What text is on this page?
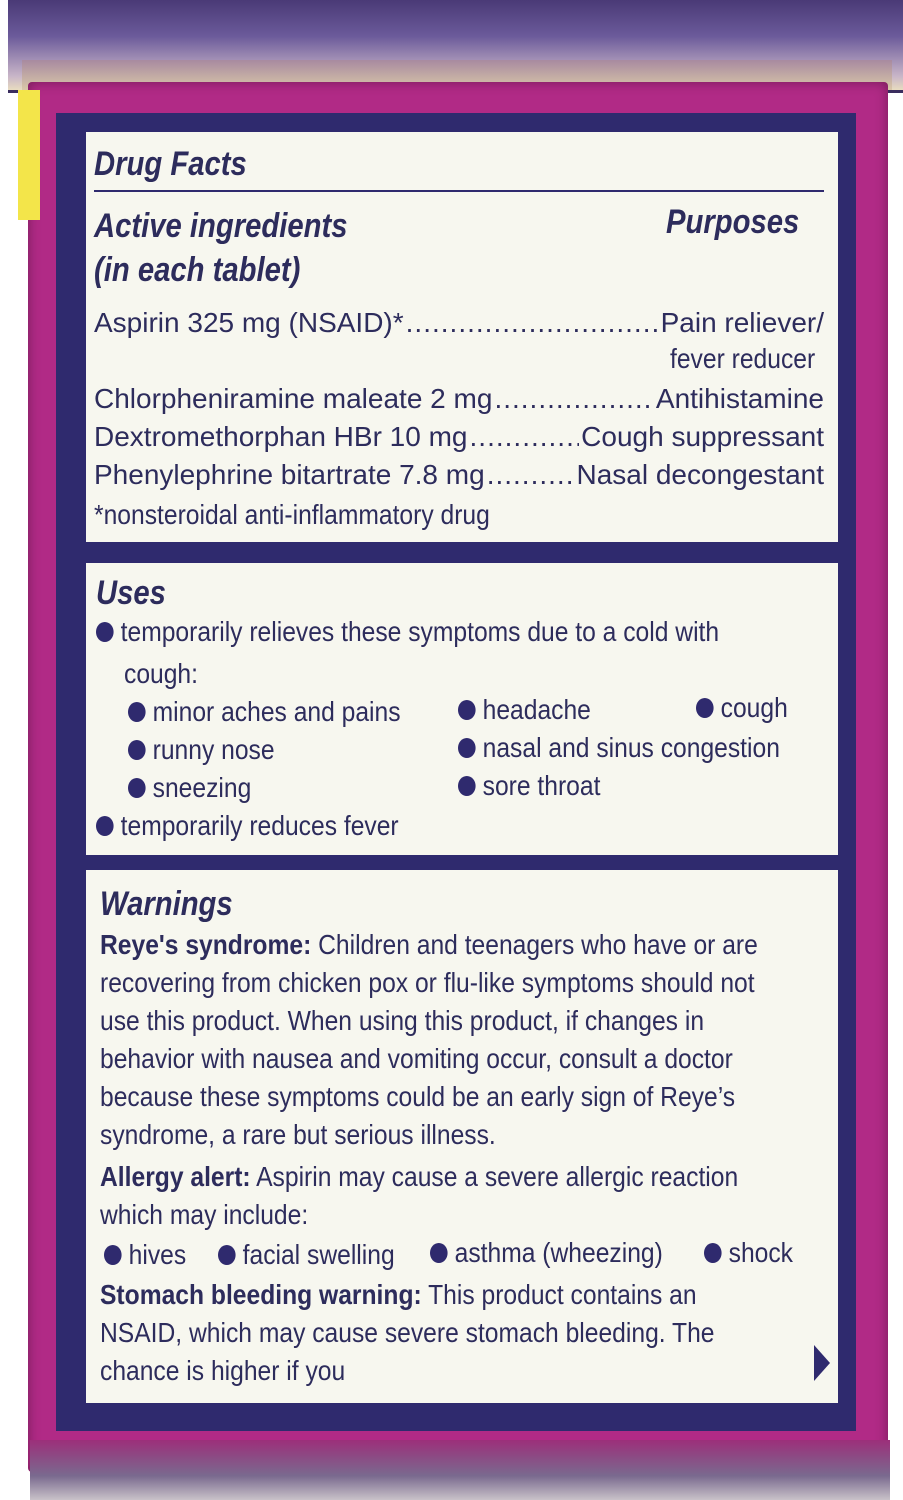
Drug Facts
Active ingredients
(in each tablet)
Purposes
Aspirin 325 mg (NSAID)* .....	Pain reliever/
fever reducer
Chlorpheniramine maleate 2 mg .....	Antihistamine
Dextromethorphan HBr 10 mg .....	Cough suppressant
Phenylephrine bitartrate 7.8 mg .....	Nasal decongestant
*nonsteroidal anti-inflammatory drug
Uses
temporarily relieves these symptoms due to a cold with
cough:
minor aches and pains	headache	cough
runny nose	nasal and sinus congestion
sneezing	sore throat
temporarily reduces fever
Warnings
Reye's syndrome: Children and teenagers who have or are
recovering from chicken pox or flu-like symptoms should not
use this product. When using this product, if changes in
behavior with nausea and vomiting occur, consult a doctor
because these symptoms could be an early sign of Reye’s
syndrome, a rare but serious illness.
Allergy alert: Aspirin may cause a severe allergic reaction
which may include:
hives	facial swelling	asthma (wheezing)	shock
Stomach bleeding warning: This product contains an
NSAID, which may cause severe stomach bleeding. The
chance is higher if you
